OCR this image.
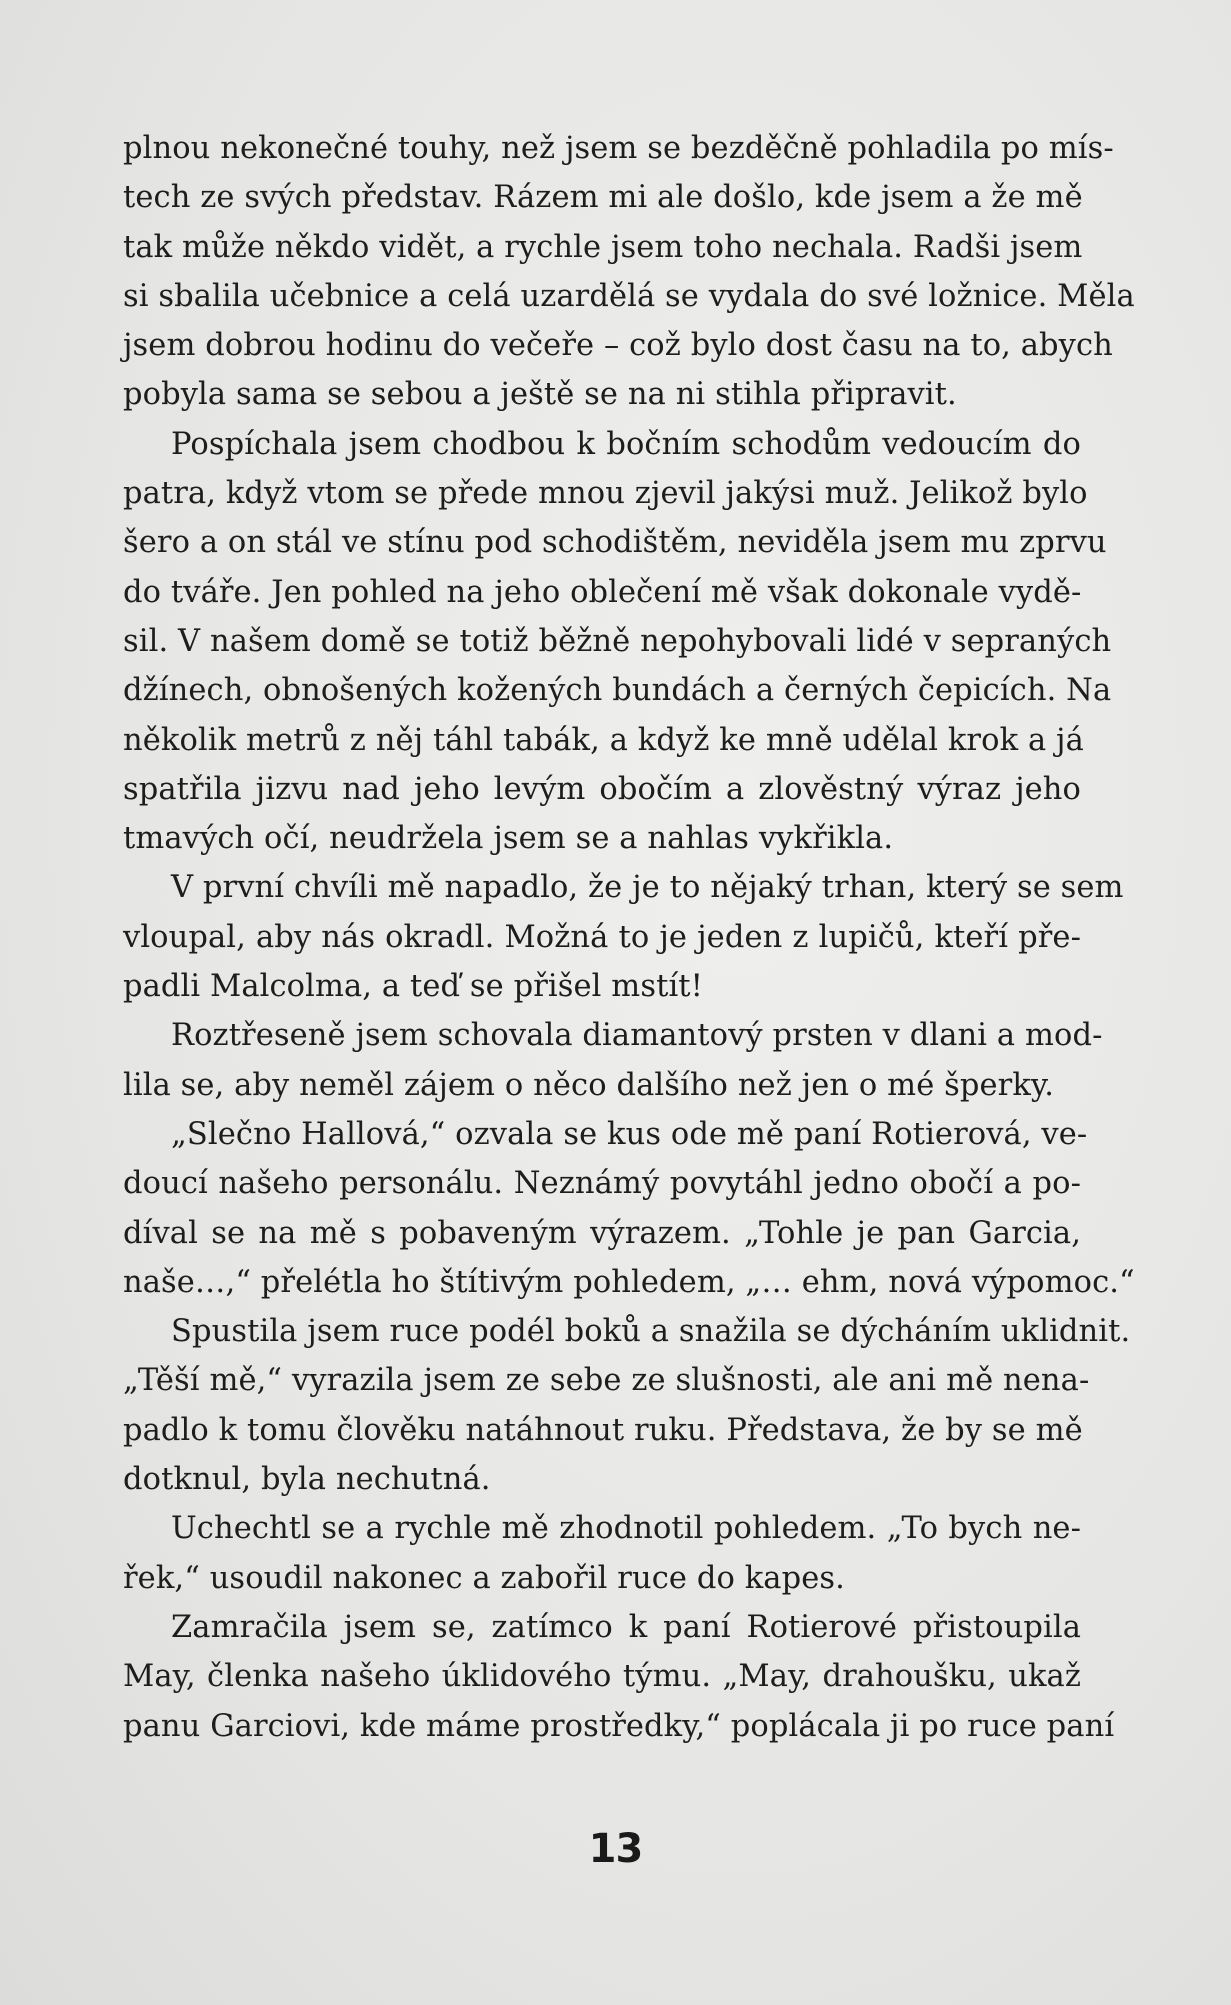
plnou nekonečné touhy, než jsem se bezděčně pohladila po mís-
tech ze svých představ. Rázem mi ale došlo, kde jsem a že mě
tak může někdo vidět, a rychle jsem toho nechala. Radši jsem
si sbalila učebnice a celá uzardělá se vydala do své ložnice. Měla
jsem dobrou hodinu do večeře – což bylo dost času na to, abych
pobyla sama se sebou a ještě se na ni stihla připravit.

Pospíchala jsem chodbou k bočním schodům vedoucím do
patra, když vtom se přede mnou zjevil jakýsi muž. Jelikož bylo
šero a on stál ve stínu pod schodištěm, neviděla jsem mu zprvu
do tváře. Jen pohled na jeho oblečení mě však dokonale vydě-
sil. V našem domě se totiž běžně nepohybovali lidé v sepraných
džínech, obnošených kožených bundách a černých čepicích. Na
několik metrů z něj táhl tabák, a když ke mně udělal krok a já
spatřila jizvu nad jeho levým obočím a zlověstný výraz jeho
tmavých očí, neudržela jsem se a nahlas vykřikla.

V první chvíli mě napadlo, že je to nějaký trhan, který se sem
vloupal, aby nás okradl. Možná to je jeden z lupičů, kteří pře-
padli Malcolma, a teď se přišel mstít!

Roztřeseně jsem schovala diamantový prsten v dlani a mod-
lila se, aby neměl zájem o něco dalšího než jen o mé šperky.

„Slečno Hallová,“ ozvala se kus ode mě paní Rotierová, ve-
doucí našeho personálu. Neznámý povytáhl jedno obočí a po-
díval se na mě s pobaveným výrazem. „Tohle je pan Garcia,
naše…,“ přelétla ho štítivým pohledem, „… ehm, nová výpomoc.“

Spustila jsem ruce podél boků a snažila se dýcháním uklidnit.
„Těší mě,“ vyrazila jsem ze sebe ze slušnosti, ale ani mě nena-
padlo k tomu člověku natáhnout ruku. Představa, že by se mě
dotknul, byla nechutná.

Uchechtl se a rychle mě zhodnotil pohledem. „To bych ne-
řek,“ usoudil nakonec a zabořil ruce do kapes.

Zamračila jsem se, zatímco k paní Rotierové přistoupila
May, členka našeho úklidového týmu. „May, drahoušku, ukaž
panu Garciovi, kde máme prostředky,“ poplácala ji po ruce paní

13
